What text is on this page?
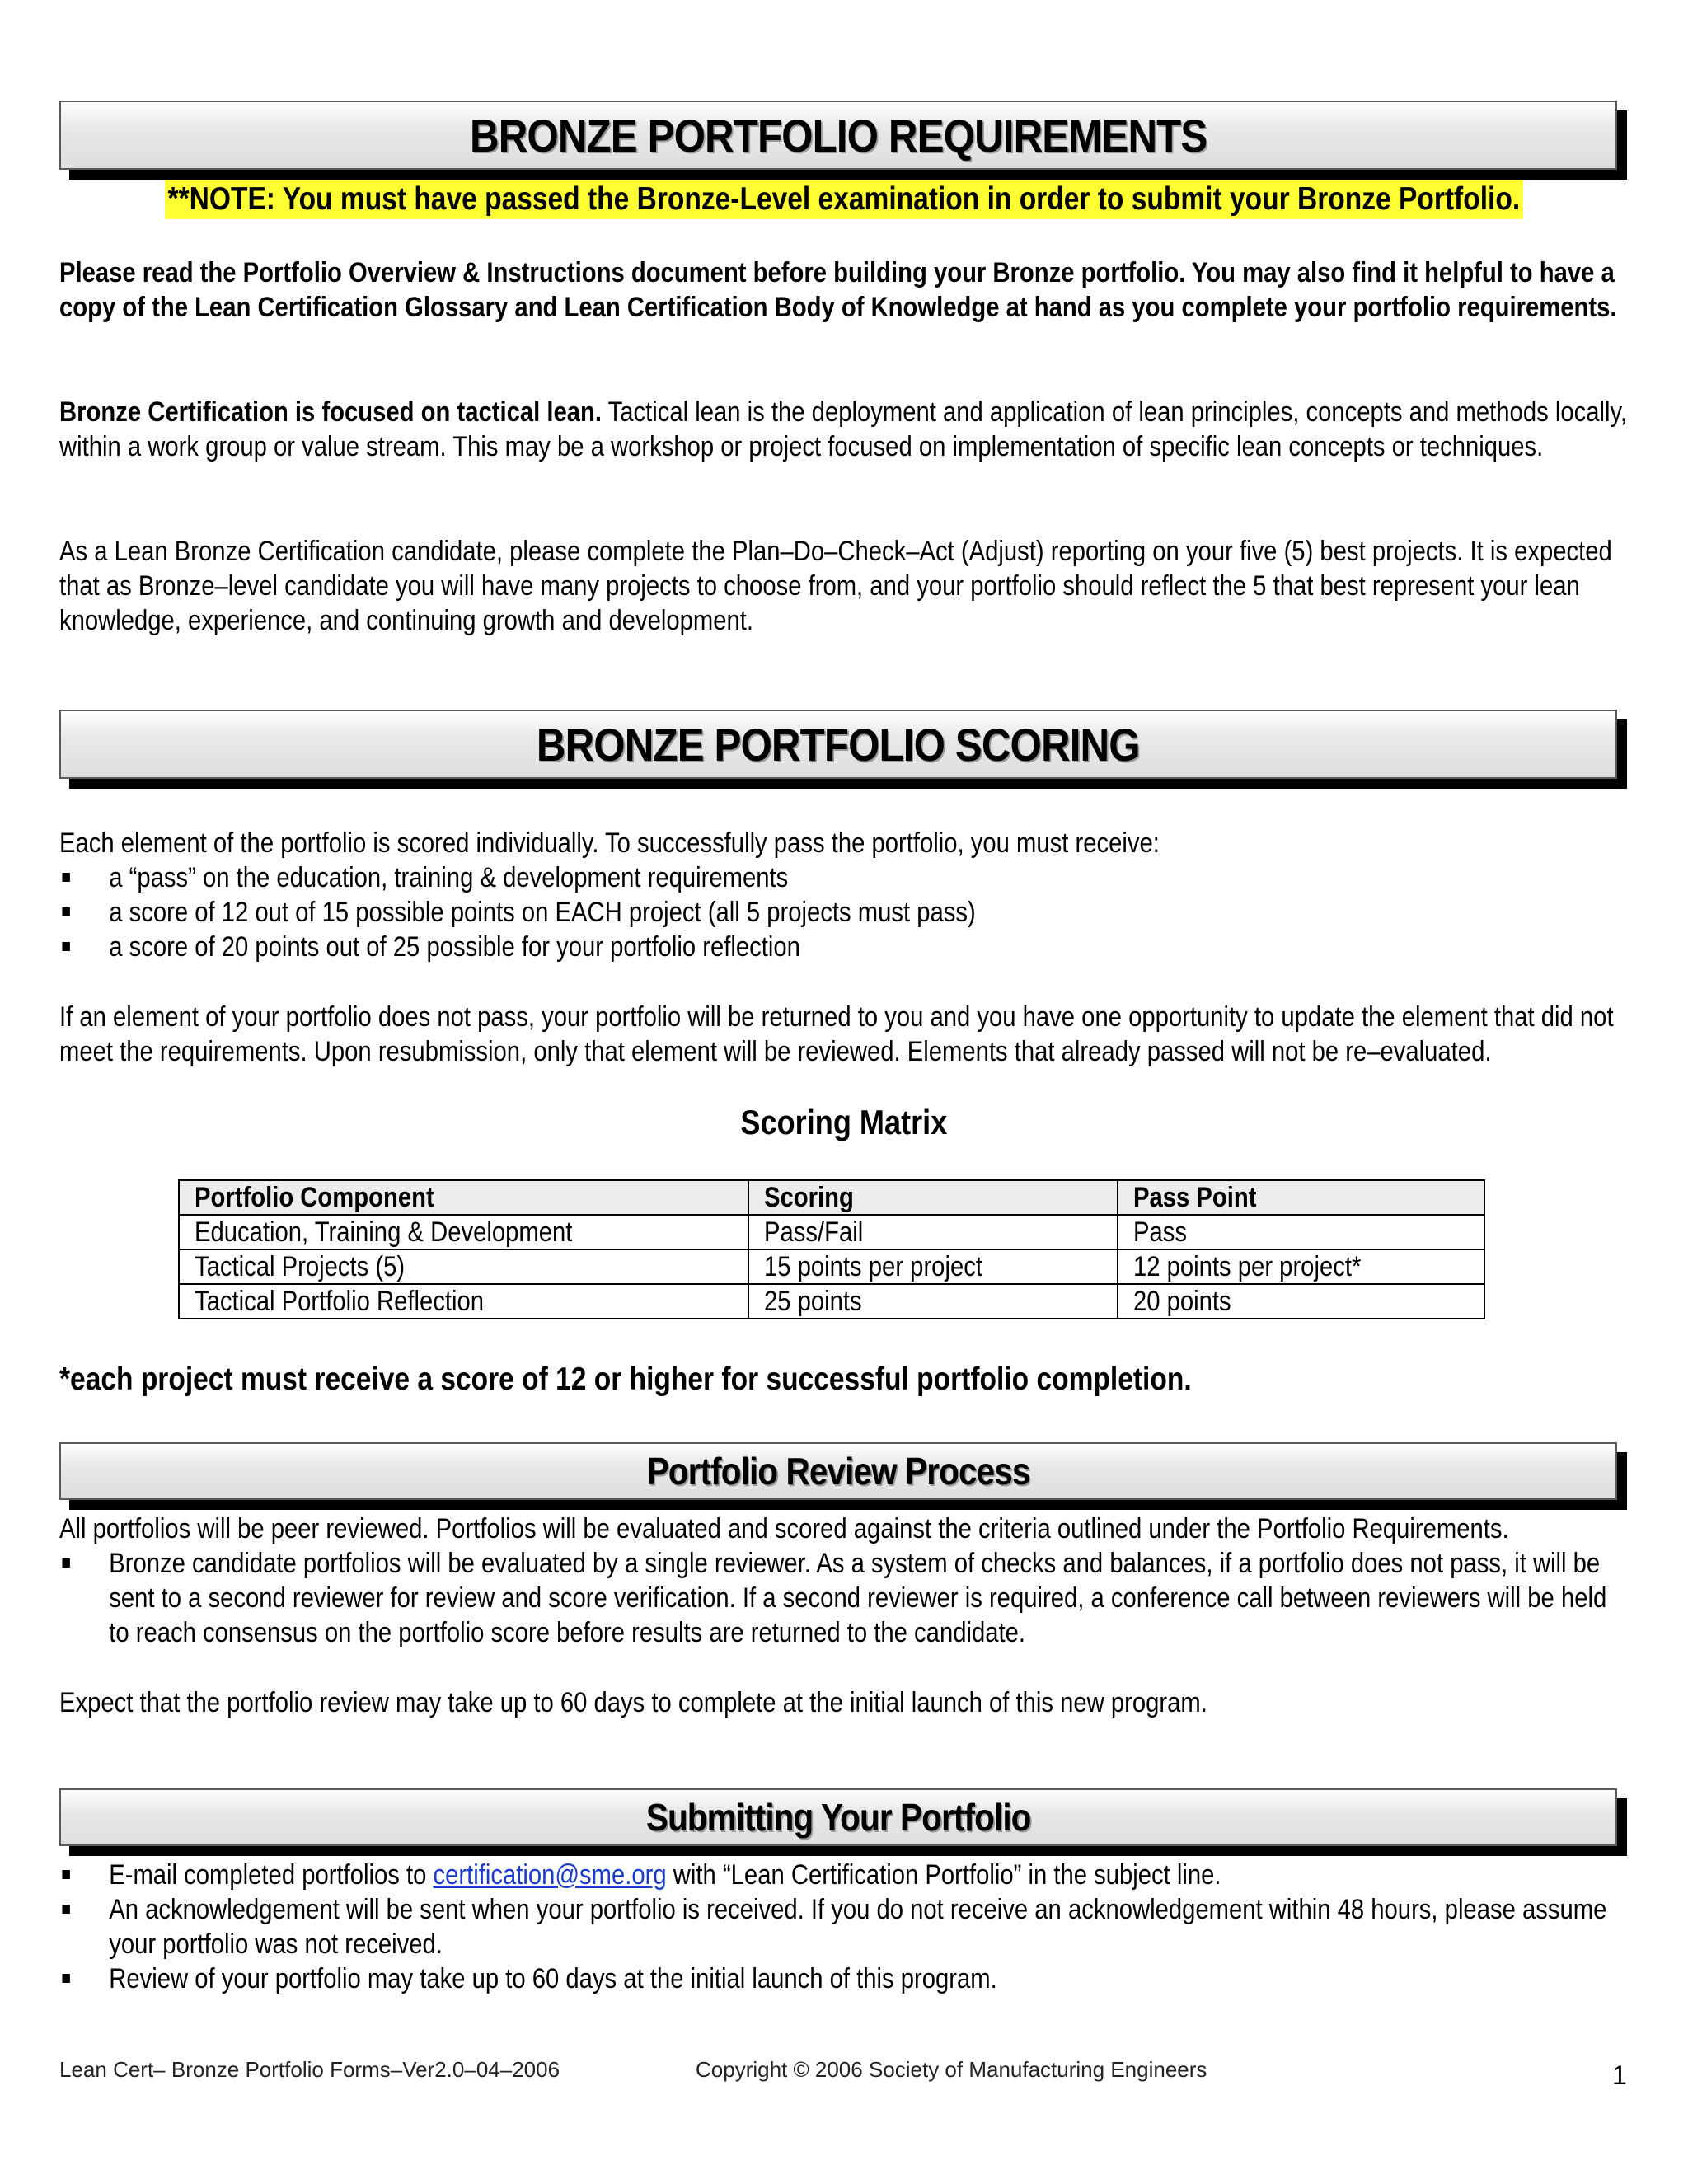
BRONZE PORTFOLIO REQUIREMENTS
**NOTE: You must have passed the Bronze-Level examination in order to submit your Bronze Portfolio.

Please read the Portfolio Overview & Instructions document before building your Bronze portfolio. You may also find it helpful to have a copy of the Lean Certification Glossary and Lean Certification Body of Knowledge at hand as you complete your portfolio requirements.

Bronze Certification is focused on tactical lean. Tactical lean is the deployment and application of lean principles, concepts and methods locally, within a work group or value stream. This may be a workshop or project focused on implementation of specific lean concepts or techniques.

As a Lean Bronze Certification candidate, please complete the Plan–Do–Check–Act (Adjust) reporting on your five (5) best projects. It is expected that as Bronze–level candidate you will have many projects to choose from, and your portfolio should reflect the 5 that best represent your lean knowledge, experience, and continuing growth and development.

BRONZE PORTFOLIO SCORING

Each element of the portfolio is scored individually. To successfully pass the portfolio, you must receive:

a “pass” on the education, training & development requirements
a score of 12 out of 15 possible points on EACH project (all 5 projects must pass)
a score of 20 points out of 25 possible for your portfolio reflection

If an element of your portfolio does not pass, your portfolio will be returned to you and you have one opportunity to update the element that did not meet the requirements. Upon resubmission, only that element will be reviewed. Elements that already passed will not be re–evaluated.

Scoring Matrix
Portfolio Component	Scoring	Pass Point
Education, Training & Development	Pass/Fail	Pass
Tactical Projects (5)	15 points per project	12 points per project*
Tactical Portfolio Reflection	25 points	20 points

*each project must receive a score of 12 or higher for successful portfolio completion.

Portfolio Review Process

All portfolios will be peer reviewed. Portfolios will be evaluated and scored against the criteria outlined under the Portfolio Requirements.

Bronze candidate portfolios will be evaluated by a single reviewer. As a system of checks and balances, if a portfolio does not pass, it will be sent to a second reviewer for review and score verification. If a second reviewer is required, a conference call between reviewers will be held to reach consensus on the portfolio score before results are returned to the candidate.

Expect that the portfolio review may take up to 60 days to complete at the initial launch of this new program.

Submitting Your Portfolio
E-mail completed portfolios to certification@sme.org with “Lean Certification Portfolio” in the subject line.
An acknowledgement will be sent when your portfolio is received. If you do not receive an acknowledgement within 48 hours, please assume your portfolio was not received.
Review of your portfolio may take up to 60 days at the initial launch of this program.
Lean Cert– Bronze Portfolio Forms–Ver2.0–04–2006	Copyright © 2006 Society of Manufacturing Engineers	1
